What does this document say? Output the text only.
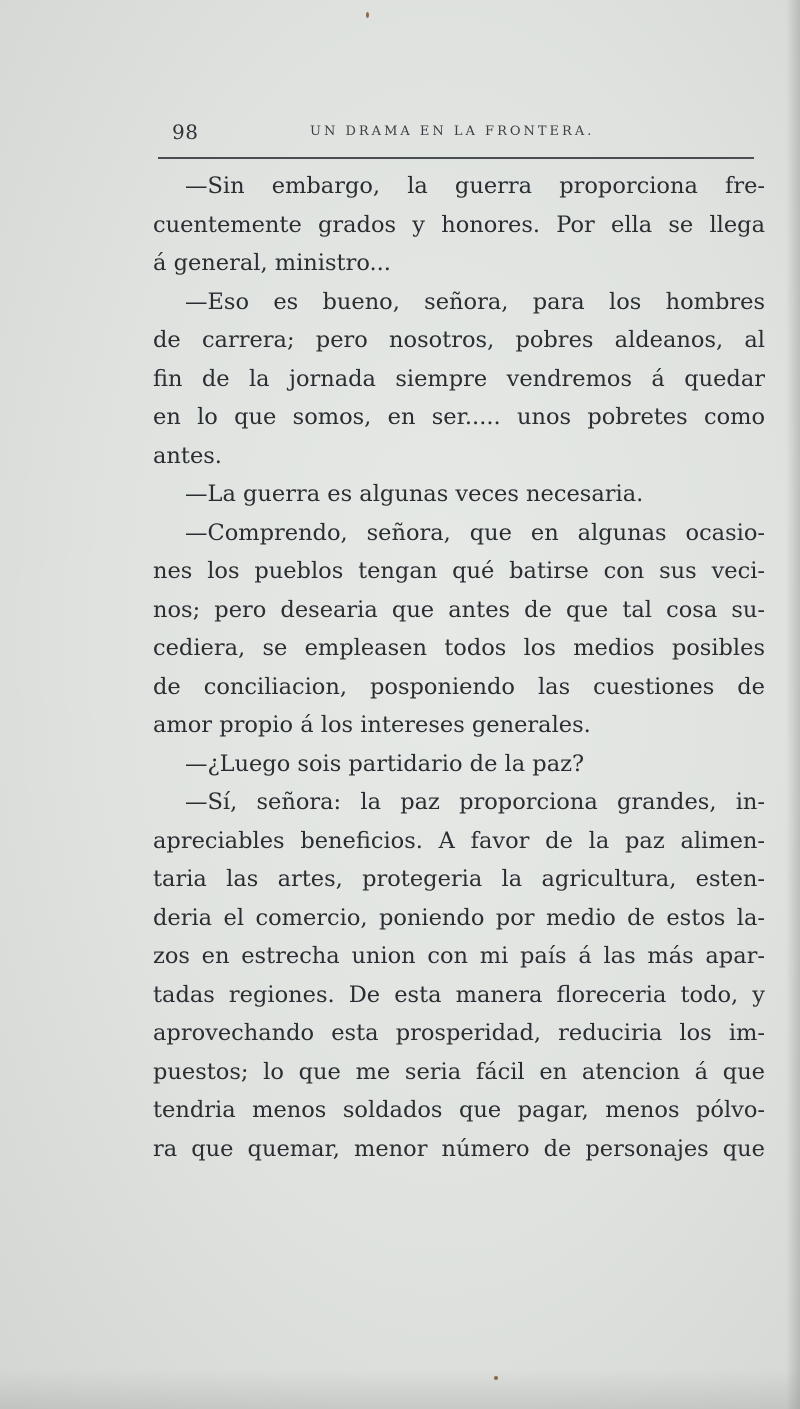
98	UN DRAMA EN LA FRONTERA.
—Sin embargo, la guerra proporciona fre-
cuentemente grados y honores. Por ella se llega
á general, ministro...
—Eso es bueno, señora, para los hombres
de carrera; pero nosotros, pobres aldeanos, al
fin de la jornada siempre vendremos á quedar
en lo que somos, en ser..... unos pobretes como
antes.
—La guerra es algunas veces necesaria.
—Comprendo, señora, que en algunas ocasio-
nes los pueblos tengan qué batirse con sus veci-
nos; pero desearia que antes de que tal cosa su-
cediera, se empleasen todos los medios posibles
de conciliacion, posponiendo las cuestiones de
amor propio á los intereses generales.
—¿Luego sois partidario de la paz?
—Sí, señora: la paz proporciona grandes, in-
apreciables beneficios. A favor de la paz alimen-
taria las artes, protegeria la agricultura, esten-
deria el comercio, poniendo por medio de estos la-
zos en estrecha union con mi país á las más apar-
tadas regiones. De esta manera floreceria todo, y
aprovechando esta prosperidad, reduciria los im-
puestos; lo que me seria fácil en atencion á que
tendria menos soldados que pagar, menos pólvo-
ra que quemar, menor número de personajes que
